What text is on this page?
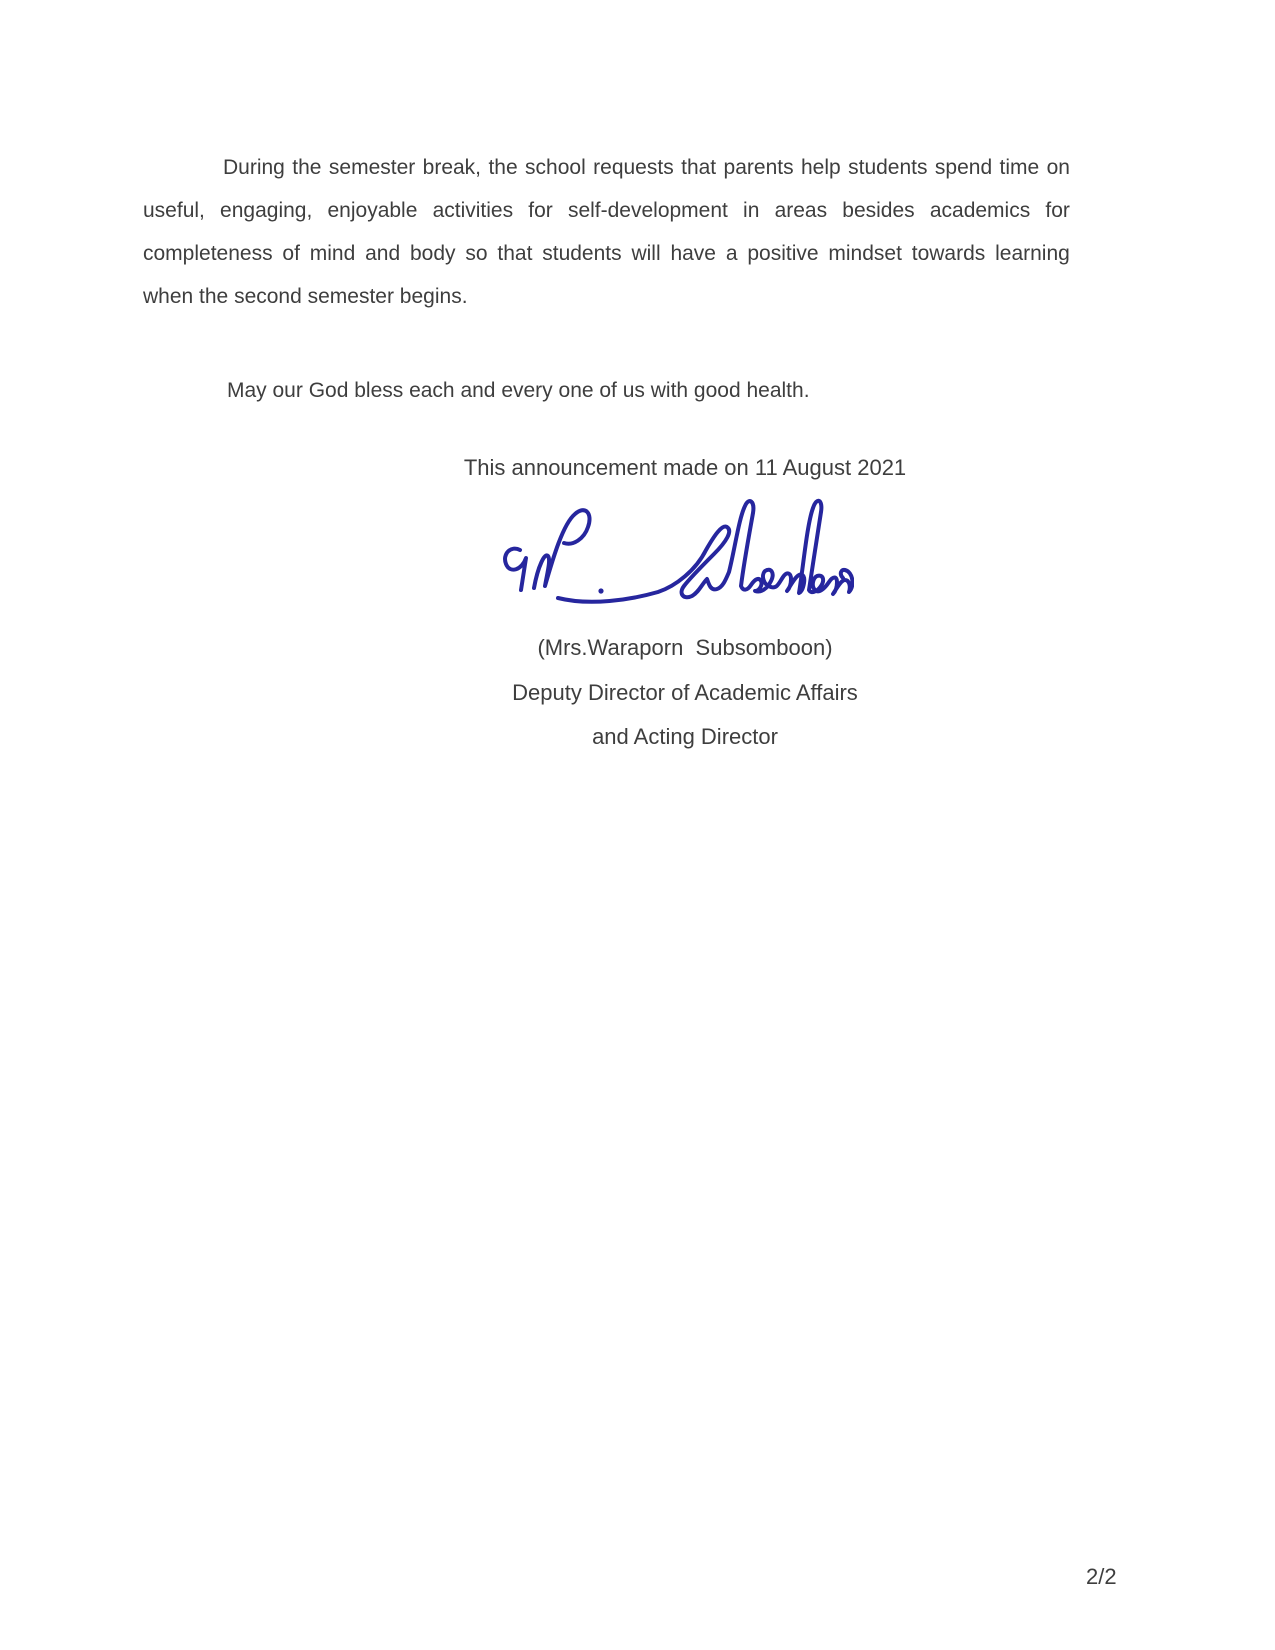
During the semester break, the school requests that parents help students spend time on
useful, engaging, enjoyable activities for self-development in areas besides academics for
completeness of mind and body so that students will have a positive mindset towards learning
when the second semester begins.
May our God bless each and every one of us with good health.
This announcement made on 11 August 2021
(Mrs.Waraporn  Subsomboon)
Deputy Director of Academic Affairs
and Acting Director
2/2
